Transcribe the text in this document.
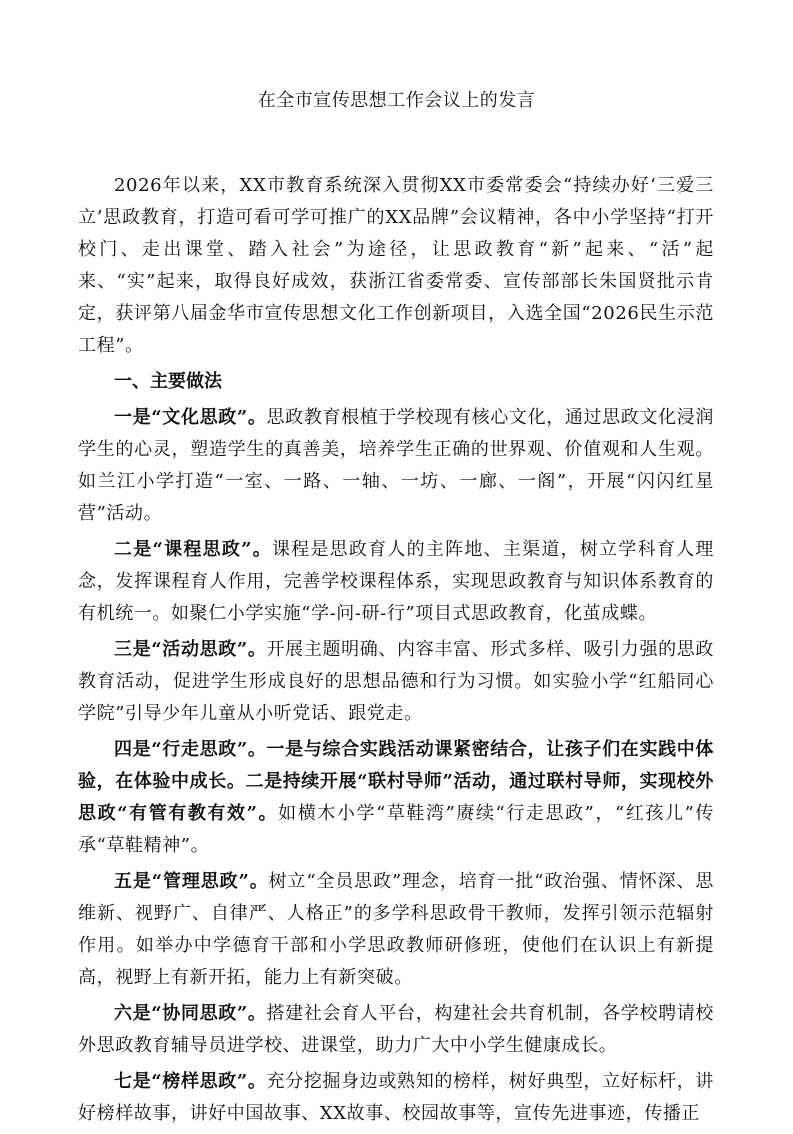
在全市宣传思想工作会议上的发言

2026年以来，XX市教育系统深入贯彻XX市委常委会“持续办好‘三爱三立’思政教育，打造可看可学可推广的XX品牌”会议精神，各中小学坚持“打开校门、走出课堂、踏入社会”为途径，让思政教育“新”起来、“活”起来、“实”起来，取得良好成效，获浙江省委常委、宣传部部长朱国贤批示肯定，获评第八届金华市宣传思想文化工作创新项目，入选全国“2026民生示范工程”。

一、主要做法

一是“文化思政”。思政教育根植于学校现有核心文化，通过思政文化浸润学生的心灵，塑造学生的真善美，培养学生正确的世界观、价值观和人生观。如兰江小学打造“一室、一路、一轴、一坊、一廊、一阁”，开展“闪闪红星营”活动。

二是“课程思政”。课程是思政育人的主阵地、主渠道，树立学科育人理念，发挥课程育人作用，完善学校课程体系，实现思政教育与知识体系教育的有机统一。如聚仁小学实施“学-问-研-行”项目式思政教育，化茧成蝶。

三是“活动思政”。开展主题明确、内容丰富、形式多样、吸引力强的思政教育活动，促进学生形成良好的思想品德和行为习惯。如实验小学“红船同心学院”引导少年儿童从小听党话、跟党走。

四是“行走思政”。一是与综合实践活动课紧密结合，让孩子们在实践中体验，在体验中成长。二是持续开展“联村导师”活动，通过联村导师，实现校外思政“有管有教有效”。如横木小学“草鞋湾”赓续“行走思政”，“红孩儿”传承“草鞋精神”。

五是“管理思政”。树立“全员思政”理念，培育一批“政治强、情怀深、思维新、视野广、自律严、人格正”的多学科思政骨干教师，发挥引领示范辐射作用。如举办中学德育干部和小学思政教师研修班，使他们在认识上有新提高，视野上有新开拓，能力上有新突破。

六是“协同思政”。搭建社会育人平台，构建社会共育机制，各学校聘请校外思政教育辅导员进学校、进课堂，助力广大中小学生健康成长。

七是“榜样思政”。充分挖掘身边或熟知的榜样，树好典型，立好标杆，讲好榜样故事，讲好中国故事、XX故事、校园故事等，宣传先进事迹，传播正
